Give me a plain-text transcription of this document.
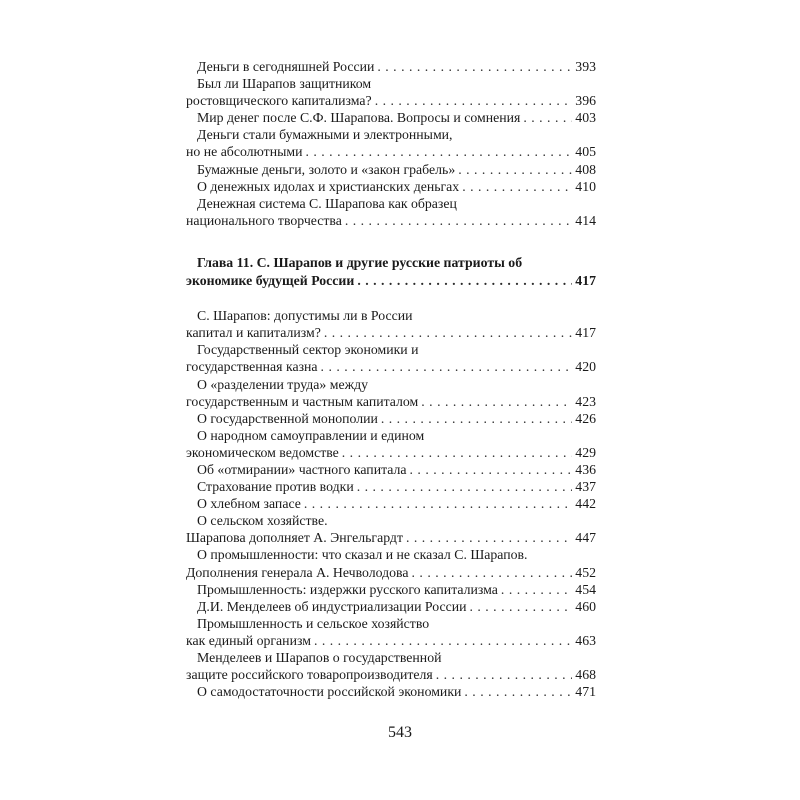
Деньги в сегодняшней России . . .	393
Был ли Шарапов защитником
ростовщического капитализма? . . .	396
Мир денег после С.Ф. Шарапова. Вопросы и сомнения . . .	403
Деньги стали бумажными и электронными,
но не абсолютными . . .	405
Бумажные деньги, золото и «закон грабель» . . .	408
О денежных идолах и христианских деньгах . . .	410
Денежная система С. Шарапова как образец
национального творчества . . .	414
Глава 11. С. Шарапов и другие русские патриоты об
экономике будущей России . . .	417
С. Шарапов: допустимы ли в России
капитал и капитализм? . . .	417
Государственный сектор экономики и
государственная казна . . .	420
О «разделении труда» между
государственным и частным капиталом . . .	423
О государственной монополии . . .	426
О народном самоуправлении и едином
экономическом ведомстве . . .	429
Об «отмирании» частного капитала . . .	436
Страхование против водки . . .	437
О хлебном запасе . . .	442
О сельском хозяйстве.
Шарапова дополняет А. Энгельгардт . . .	447
О промышленности: что сказал и не сказал С. Шарапов.
Дополнения генерала А. Нечволодова . . .	452
Промышленность: издержки русского капитализма . . .	454
Д.И. Менделеев об индустриализации России . . .	460
Промышленность и сельское хозяйство
как единый организм . . .	463
Менделеев и Шарапов о государственной
защите российского товаропроизводителя . . .	468
О самодостаточности российской экономики . . .	471
543
